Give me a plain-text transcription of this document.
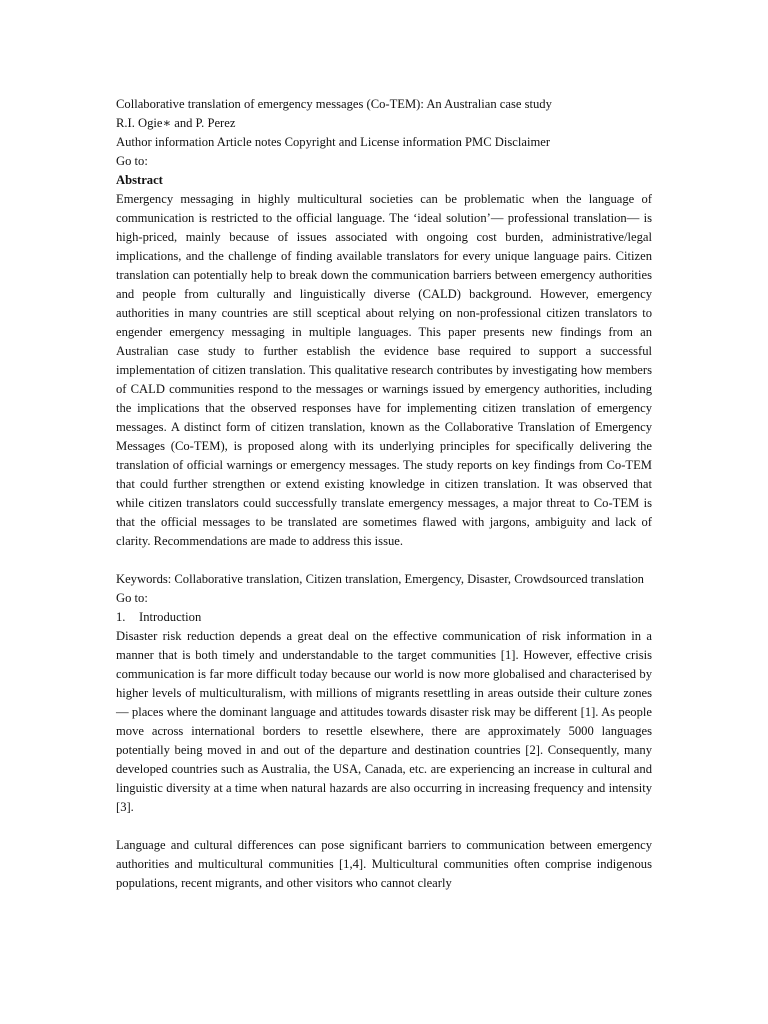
Collaborative translation of emergency messages (Co-TEM): An Australian case study

R.I. Ogie∗ and P. Perez

Author information Article notes Copyright and License information PMC Disclaimer

Go to:

Abstract

Emergency messaging in highly multicultural societies can be problematic when the language of communication is restricted to the official language. The ‘ideal solution’— professional translation— is high-priced, mainly because of issues associated with ongoing cost burden, administrative/legal implications, and the challenge of finding available translators for every unique language pairs. Citizen translation can potentially help to break down the communication barriers between emergency authorities and people from culturally and linguistically diverse (CALD) background. However, emergency authorities in many countries are still sceptical about relying on non-professional citizen translators to engender emergency messaging in multiple languages. This paper presents new findings from an Australian case study to further establish the evidence base required to support a successful implementation of citizen translation. This qualitative research contributes by investigating how members of CALD communities respond to the messages or warnings issued by emergency authorities, including the implications that the observed responses have for implementing citizen translation of emergency messages. A distinct form of citizen translation, known as the Collaborative Translation of Emergency Messages (Co-TEM), is proposed along with its underlying principles for specifically delivering the translation of official warnings or emergency messages. The study reports on key findings from Co-TEM that could further strengthen or extend existing knowledge in citizen translation. It was observed that while citizen translators could successfully translate emergency messages, a major threat to Co-TEM is that the official messages to be translated are sometimes flawed with jargons, ambiguity and lack of clarity. Recommendations are made to address this issue.

Keywords: Collaborative translation, Citizen translation, Emergency, Disaster, Crowdsourced translation

Go to:

1. Introduction

Disaster risk reduction depends a great deal on the effective communication of risk information in a manner that is both timely and understandable to the target communities [1]. However, effective crisis communication is far more difficult today because our world is now more globalised and characterised by higher levels of multiculturalism, with millions of migrants resettling in areas outside their culture zones— places where the dominant language and attitudes towards disaster risk may be different [1]. As people move across international borders to resettle elsewhere, there are approximately 5000 languages potentially being moved in and out of the departure and destination countries [2]. Consequently, many developed countries such as Australia, the USA, Canada, etc. are experiencing an increase in cultural and linguistic diversity at a time when natural hazards are also occurring in increasing frequency and intensity [3].

Language and cultural differences can pose significant barriers to communication between emergency authorities and multicultural communities [1,4]. Multicultural communities often comprise indigenous populations, recent migrants, and other visitors who cannot clearly
